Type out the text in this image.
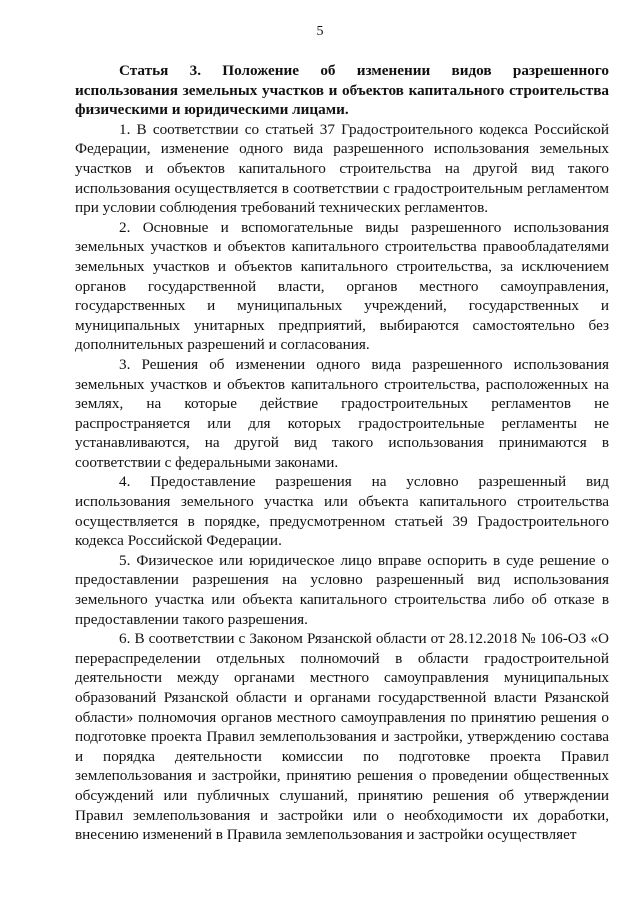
5

Статья 3. Положение об изменении видов разрешенного использования земельных участков и объектов капитального строительства физическими и юридическими лицами.

1. В соответствии со статьей 37 Градостроительного кодекса Российской Федерации, изменение одного вида разрешенного использования земельных участков и объектов капитального строительства на другой вид такого использования осуществляется в соответствии с градостроительным регламентом при условии соблюдения требований технических регламентов.

2. Основные и вспомогательные виды разрешенного использования земельных участков и объектов капитального строительства правообладателями земельных участков и объектов капитального строительства, за исключением органов государственной власти, органов местного самоуправления, государственных и муниципальных учреждений, государственных и муниципальных унитарных предприятий, выбираются самостоятельно без дополнительных разрешений и согласования.

3. Решения об изменении одного вида разрешенного использования земельных участков и объектов капитального строительства, расположенных на землях, на которые действие градостроительных регламентов не распространяется или для которых градостроительные регламенты не устанавливаются, на другой вид такого использования принимаются в соответствии с федеральными законами.

4. Предоставление разрешения на условно разрешенный вид использования земельного участка или объекта капитального строительства осуществляется в порядке, предусмотренном статьей 39 Градостроительного кодекса Российской Федерации.

5. Физическое или юридическое лицо вправе оспорить в суде решение о предоставлении разрешения на условно разрешенный вид использования земельного участка или объекта капитального строительства либо об отказе в предоставлении такого разрешения.

6. В соответствии с Законом Рязанской области от 28.12.2018 № 106-ОЗ «О перераспределении отдельных полномочий в области градостроительной деятельности между органами местного самоуправления муниципальных образований Рязанской области и органами государственной власти Рязанской области» полномочия органов местного самоуправления по принятию решения о подготовке проекта Правил землепользования и застройки, утверждению состава и порядка деятельности комиссии по подготовке проекта Правил землепользования и застройки, принятию решения о проведении общественных обсуждений или публичных слушаний, принятию решения об утверждении Правил землепользования и застройки или о необходимости их доработки, внесению изменений в Правила землепользования и застройки осуществляет
